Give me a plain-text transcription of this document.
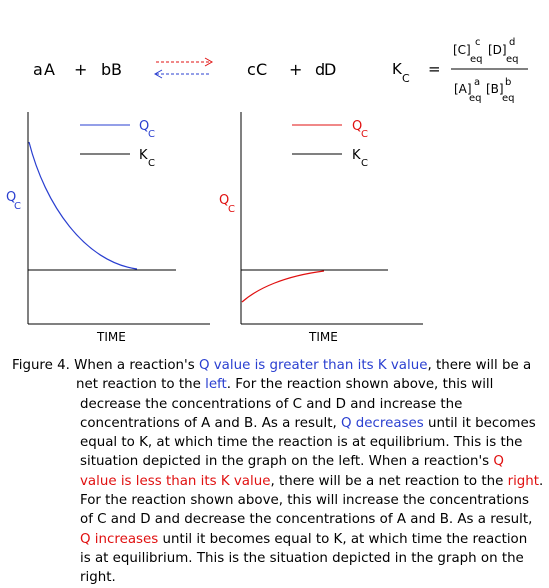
a A + b B	c C + d
D	K
C
=
[C]
eq
c
[D]
eq
d
[A]
eq
a [B]
eq
b
Q
C
Q
C
K
C
TIME
Q
C
Q
C
K
C
TIME
Figure 4. When a reaction's Q value is greater than its K value, there will be a
net reaction to the left. For the reaction shown above, this will
decrease the concentrations of C and D and increase the
concentrations of A and B. As a result, Q decreases until it becomes
equal to K, at which time the reaction is at equilibrium. This is the
situation depicted in the graph on the left. When a reaction's Q
value is less than its K value, there will be a net reaction to the right.
For the reaction shown above, this will increase the concentrations
of C and D and decrease the concentrations of A and B. As a result,
Q increases until it becomes equal to K, at which time the reaction
is at equilibrium. This is the situation depicted in the graph on the
right.
